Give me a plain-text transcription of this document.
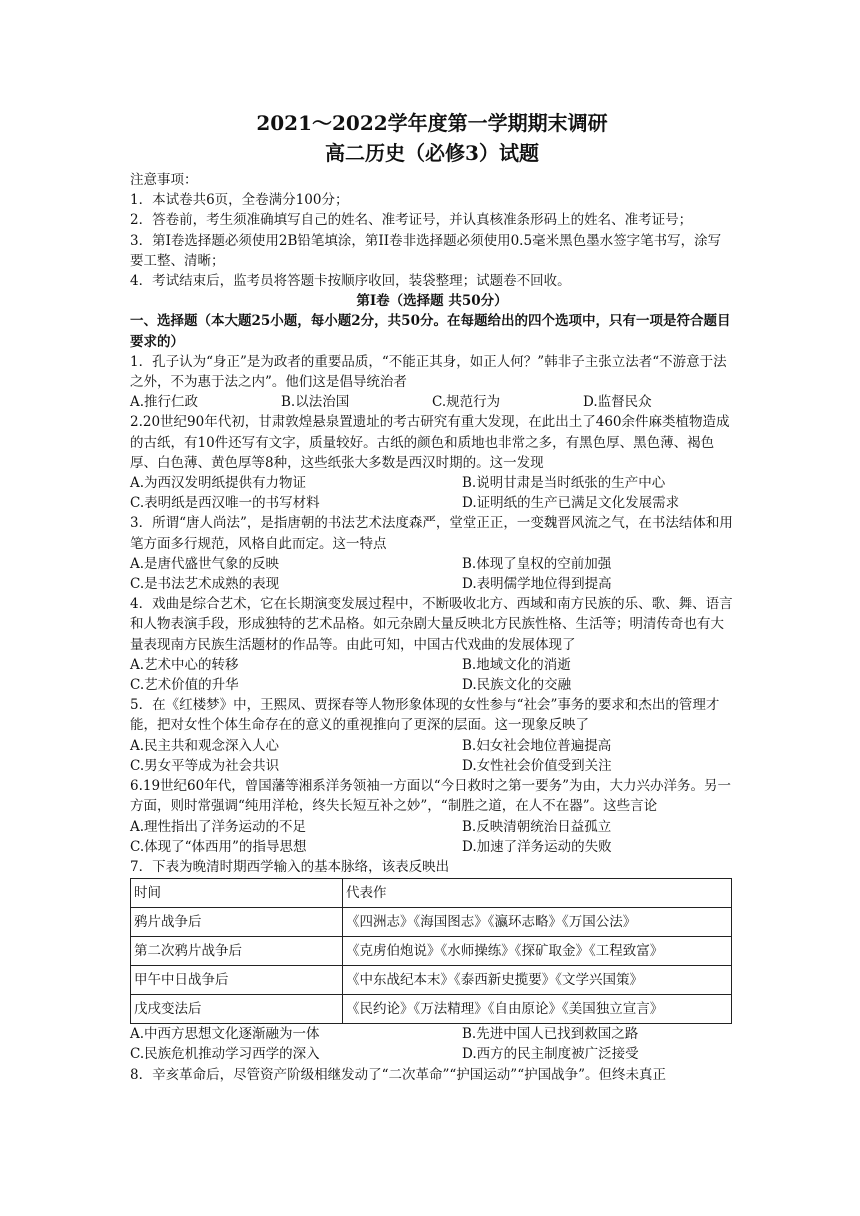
2021～2022学年度第一学期期末调研
高二历史（必修3）试题

注意事项：

1．本试卷共6页，全卷满分100分；

2．答卷前，考生须准确填写自己的姓名、准考证号，并认真核准条形码上的姓名、准考证号；

3．第I卷选择题必须使用2B铅笔填涂，第II卷非选择题必须使用0.5毫米黑色墨水签字笔书写，涂写要工整、清晰；

4．考试结束后，监考员将答题卡按顺序收回，装袋整理；试题卷不回收。

第I卷（选择题 共50分）

一、选择题（本大题25小题，每小题2分，共50分。在每题给出的四个选项中，只有一项是符合题目要求的）

1．孔子认为“身正”是为政者的重要品质，“不能正其身，如正人何？”韩非子主张立法者“不游意于法之外，不为惠于法之内”。他们这是倡导统治者

A.推行仁政	B.以法治国	C.规范行为	D.监督民众

2.20世纪90年代初，甘肃敦煌悬泉置遗址的考古研究有重大发现，在此出土了460余件麻类植物造成的古纸，有10件还写有文字，质量较好。古纸的颜色和质地也非常之多，有黑色厚、黑色薄、褐色厚、白色薄、黄色厚等8种，这些纸张大多数是西汉时期的。这一发现

A.为西汉发明纸提供有力物证	B.说明甘肃是当时纸张的生产中心
C.表明纸是西汉唯一的书写材料	D.证明纸的生产已满足文化发展需求

3．所谓“唐人尚法”，是指唐朝的书法艺术法度森严，堂堂正正，一变魏晋风流之气，在书法结体和用笔方面多行规范，风格自此而定。这一特点

A.是唐代盛世气象的反映	B.体现了皇权的空前加强
C.是书法艺术成熟的表现	D.表明儒学地位得到提高

4．戏曲是综合艺术，它在长期演变发展过程中，不断吸收北方、西域和南方民族的乐、歌、舞、语言和人物表演手段，形成独特的艺术品格。如元杂剧大量反映北方民族性格、生活等；明清传奇也有大量表现南方民族生活题材的作品等。由此可知，中国古代戏曲的发展体现了

A.艺术中心的转移	B.地域文化的消逝
C.艺术价值的升华	D.民族文化的交融

5．在《红楼梦》中，王熙凤、贾探春等人物形象体现的女性参与“社会”事务的要求和杰出的管理才能，把对女性个体生命存在的意义的重视推向了更深的层面。这一现象反映了

A.民主共和观念深入人心	B.妇女社会地位普遍提高
C.男女平等成为社会共识	D.女性社会价值受到关注

6.19世纪60年代，曾国藩等湘系洋务领袖一方面以“今日救时之第一要务”为由，大力兴办洋务。另一方面，则时常强调“纯用洋枪，终失长短互补之妙”，“制胜之道，在人不在器”。这些言论

A.理性指出了洋务运动的不足	B.反映清朝统治日益孤立
C.体现了“体西用”的指导思想	D.加速了洋务运动的失败

7．下表为晚清时期西学输入的基本脉络，该表反映出

时间	代表作
鸦片战争后	《四洲志》《海国图志》《瀛环志略》《万国公法》
第二次鸦片战争后	《克虏伯炮说》《水师操练》《探矿取金》《工程致富》
甲午中日战争后	《中东战纪本末》《泰西新史揽要》《文学兴国策》
戊戌变法后	《民约论》《万法精理》《自由原论》《美国独立宣言》
A.中西方思想文化逐渐融为一体	B.先进中国人已找到救国之路
C.民族危机推动学习西学的深入	D.西方的民主制度被广泛接受

8．辛亥革命后，尽管资产阶级相继发动了“二次革命”“护国运动”“护国战争”。但终未真正
